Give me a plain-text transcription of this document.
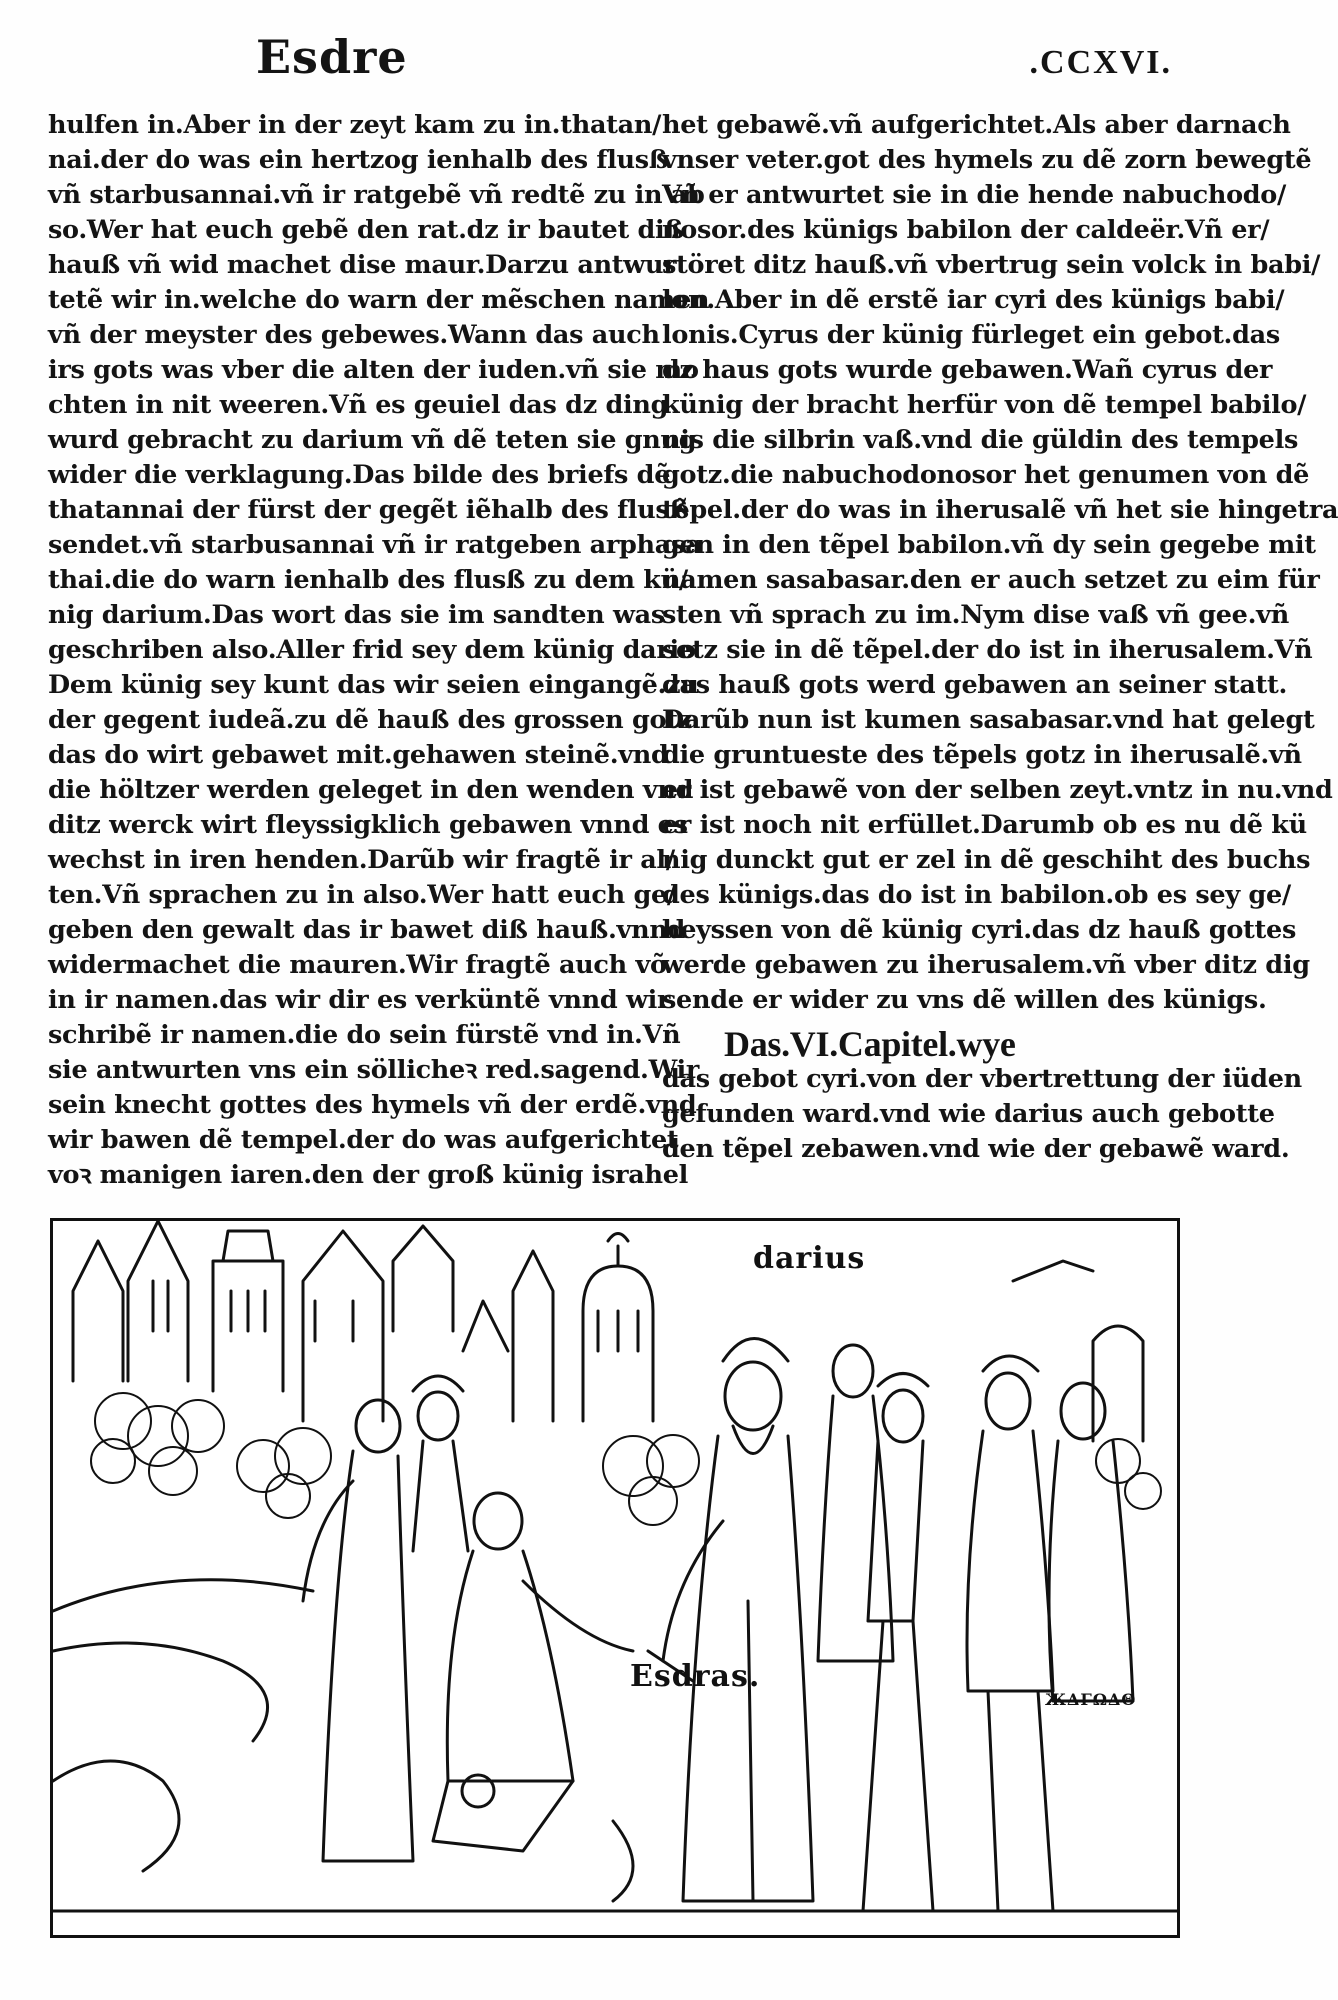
Esdre	.CCXVI.
hulfen in.Aber in der zeyt kam zu in.thatan/
nai.der do was ein hertzog ienhalb des flusß
vñ starbusannai.vñ ir ratgebẽ vñ redtẽ zu in ab
so.Wer hat euch gebẽ den rat.dz ir bautet diß
hauß vñ wid machet dise maur.Darzu antwur
tetẽ wir in.welche do warn der mẽschen namen
vñ der meyster des gebewes.Wann das auch
irs gots was vber die alten der iuden.vñ sie mo
chten in nit weeren.Vñ es geuiel das dz ding
wurd gebracht zu darium vñ dẽ teten sie gnug
wider die verklagung.Das bilde des briefs dẽ
thatannai der fürst der gegẽt iẽhalb des flusß
sendet.vñ starbusannai vñ ir ratgeben arphasa
thai.die do warn ienhalb des flusß zu dem kü/
nig darium.Das wort das sie im sandten was
geschriben also.Aller frid sey dem künig dario
Dem künig sey kunt das wir seien eingangẽ.zu
der gegent iudeã.zu dẽ hauß des grossen gotz
das do wirt gebawet mit.gehawen steinẽ.vnd
die höltzer werden geleget in den wenden vnd
ditz werck wirt fleyssigklich gebawen vnnd es
wechst in iren henden.Darũb wir fragtẽ ir al/
ten.Vñ sprachen zu in also.Wer hatt euch ge/
geben den gewalt das ir bawet diß hauß.vnnd
widermachet die mauren.Wir fragtẽ auch võ
in ir namen.das wir dir es verküntẽ vnnd wir
schribẽ ir namen.die do sein fürstẽ vnd in.Vñ
sie antwurten vns ein söllicheꝛ red.sagend.Wir
sein knecht gottes des hymels vñ der erdẽ.vnd
wir bawen dẽ tempel.der do was aufgerichtet
voꝛ manigen iaren.den der groß künig israhel
het gebawẽ.vñ aufgerichtet.Als aber darnach
vnser veter.got des hymels zu dẽ zorn bewegtẽ
Vñ er antwurtet sie in die hende nabuchodo/
nosor.des künigs babilon der caldeër.Vñ er/
störet ditz hauß.vñ vbertrug sein volck in babi/
lon.Aber in dẽ erstẽ iar cyri des künigs babi/
lonis.Cyrus der künig fürleget ein gebot.das
dz haus gots wurde gebawen.Wañ cyrus der
künig der bracht herfür von dẽ tempel babilo/
nis die silbrin vaß.vnd die güldin des tempels
gotz.die nabuchodonosor het genumen von dẽ
tẽpel.der do was in iherusalẽ vñ het sie hingetra
gen in den tẽpel babilon.vñ dy sein gegebe mit
namen sasabasar.den er auch setzet zu eim für
sten vñ sprach zu im.Nym dise vaß vñ gee.vñ
setz sie in dẽ tẽpel.der do ist in iherusalem.Vñ
das hauß gots werd gebawen an seiner statt.
Darũb nun ist kumen sasabasar.vnd hat gelegt
die gruntueste des tẽpels gotz in iherusalẽ.vñ
er ist gebawẽ von der selben zeyt.vntz in nu.vnd
er ist noch nit erfüllet.Darumb ob es nu dẽ kü
nig dunckt gut er zel in dẽ geschiht des buchs
des künigs.das do ist in babilon.ob es sey ge/
heyssen von dẽ künig cyri.das dz hauß gottes
werde gebawen zu iherusalem.vñ vber ditz dig
sende er wider zu vns dẽ willen des künigs.
Das.VI.Capitel.wye
das gebot cyri.von der vbertrettung der iüden
gefunden ward.vnd wie darius auch gebotte
den tẽpel zebawen.vnd wie der gebawẽ ward.
darius
Esdras.
ЖΔΓΩΔΘ
